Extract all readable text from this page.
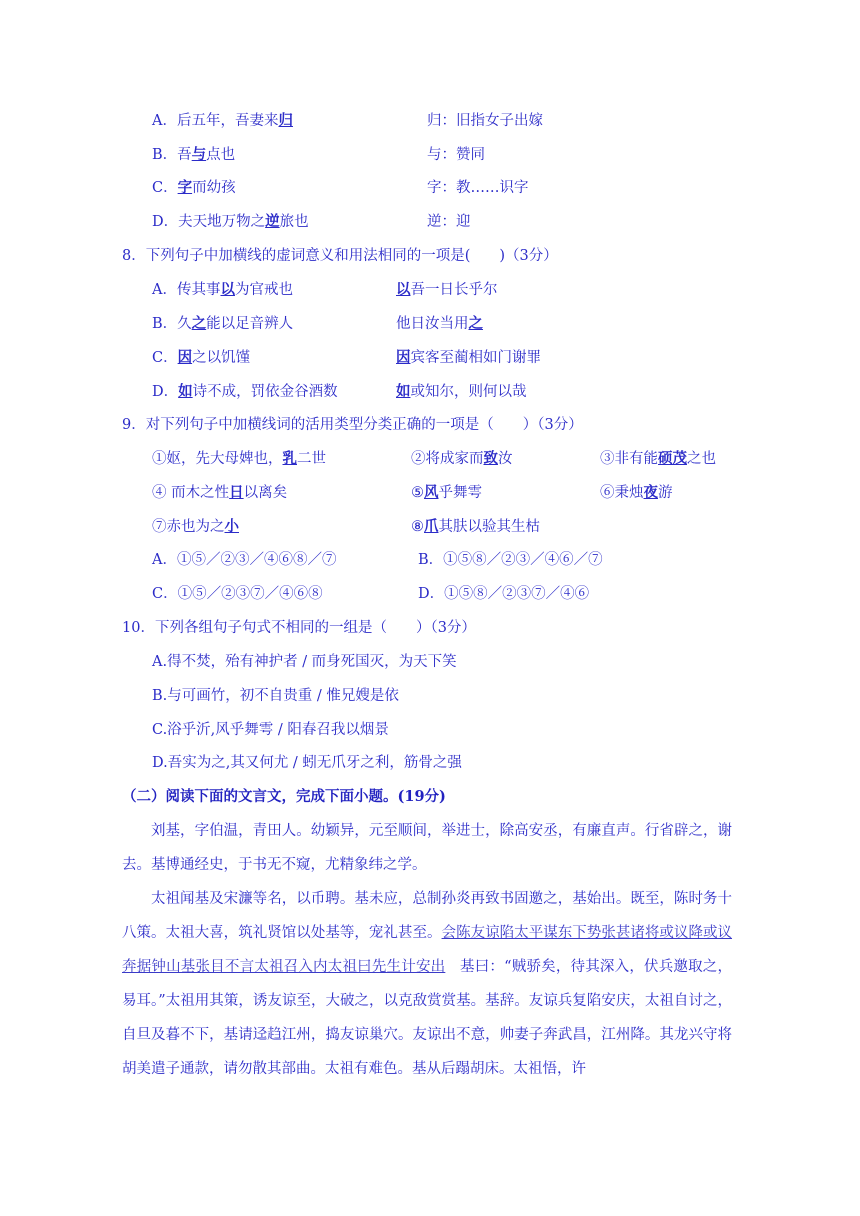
A．后五年，吾妻来归	归：旧指女子出嫁
B．吾与点也	与：赞同
C．字而幼孩	字：教……识字
D．夫天地万物之逆旅也	逆：迎
8．下列句子中加横线的虚词意义和用法相同的一项是(　　)（3分）
A．传其事以为官戒也	以吾一日长乎尔
B．久之能以足音辨人	他日汝当用之
C．因之以饥馑	因宾客至蔺相如门谢罪
D．如诗不成，罚依金谷酒数	如或知尔，则何以哉
9．对下列句子中加横线词的活用类型分类正确的一项是（　　）（3分）
①妪，先大母婢也，乳二世	②将成家而致汝	③非有能硕茂之也
④ 而木之性日以离矣	⑤风乎舞雩	⑥秉烛夜游
⑦赤也为之小	⑧爪其肤以验其生枯
A．①⑤／②③／④⑥⑧／⑦	B．①⑤⑧／②③／④⑥／⑦
C．①⑤／②③⑦／④⑥⑧	D．①⑤⑧／②③⑦／④⑥
10．下列各组句子句式不相同的一组是（　　）（3分）
A.得不焚，殆有神护者 / 而身死国灭，为天下笑
B.与可画竹，初不自贵重 / 惟兄嫂是依
C.浴乎沂,风乎舞雩 / 阳春召我以烟景
D.吾实为之,其又何尤 / 蚓无爪牙之利，筋骨之强
（二）阅读下面的文言文，完成下面小题。(19分)
刘基，字伯温，青田人。幼颖异，元至顺间，举进士，除高安丞，有廉直声。行省辟之，谢去。基博通经史，于书无不窥，尤精象纬之学。
太祖闻基及宋濂等名，以币聘。基未应，总制孙炎再致书固邀之，基始出。既至，陈时务十八策。太祖大喜，筑礼贤馆以处基等，宠礼甚至。会陈友谅陷太平谋东下势张甚诸将或议降或议奔据钟山基张目不言太祖召入内太祖曰先生计安出　基曰：“贼骄矣，待其深入，伏兵邀取之，易耳。”太祖用其策，诱友谅至，大破之，以克敌赏赏基。基辞。友谅兵复陷安庆，太祖自讨之，自旦及暮不下，基请迳趋江州，捣友谅巢穴。友谅出不意，帅妻子奔武昌，江州降。其龙兴守将胡美遣子通款，请勿散其部曲。太祖有难色。基从后蹋胡床。太祖悟，许
